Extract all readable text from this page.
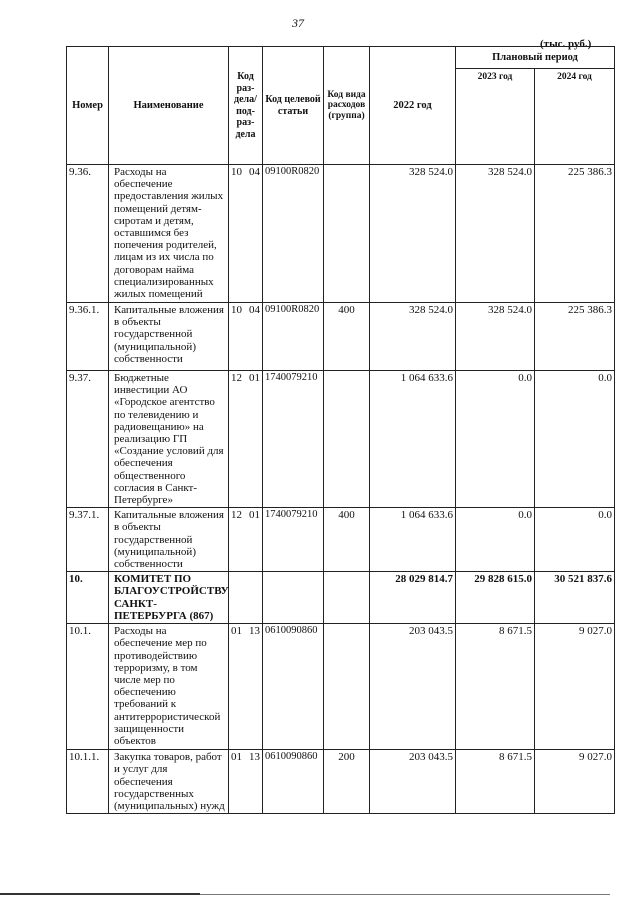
37
(тыс. руб.)
Номер	Наименование	Код раз-дела/ под-раз-дела	Код целевой статьи	Код вида расходов (группа)	2022 год	Плановый период	
						2023 год	2024 год
9.36.	Расходы на обеспечение предоставления жилых помещений детям-сиротам и детям, оставшимся без попечения родителей, лицам из их числа по договорам найма специализированных жилых помещений	10 04	09100R0820		328 524.0	328 524.0	225 386.3
9.36.1.	Капитальные вложения в объекты государственной (муниципальной) собственности	10 04	09100R0820	400	328 524.0	328 524.0	225 386.3
9.37.	Бюджетные инвестиции АО «Городское агентство по телевидению и радиовещанию» на реализацию ГП «Создание условий для обеспечения общественного согласия в Санкт-Петербурге»	12 01	1740079210		1 064 633.6	0.0	0.0
9.37.1.	Капитальные вложения в объекты государственной (муниципальной) собственности	12 01	1740079210	400	1 064 633.6	0.0	0.0
10.	КОМИТЕТ ПО БЛАГОУСТРОЙСТВУ САНКТ-ПЕТЕРБУРГА (867)				28 029 814.7	29 828 615.0	30 521 837.6
10.1.	Расходы на обеспечение мер по противодействию терроризму, в том числе мер по обеспечению требований к антитеррористической защищенности объектов	01 13	0610090860		203 043.5	8 671.5	9 027.0
10.1.1.	Закупка товаров, работ и услуг для обеспечения государственных (муниципальных) нужд	01 13	0610090860	200	203 043.5	8 671.5	9 027.0
